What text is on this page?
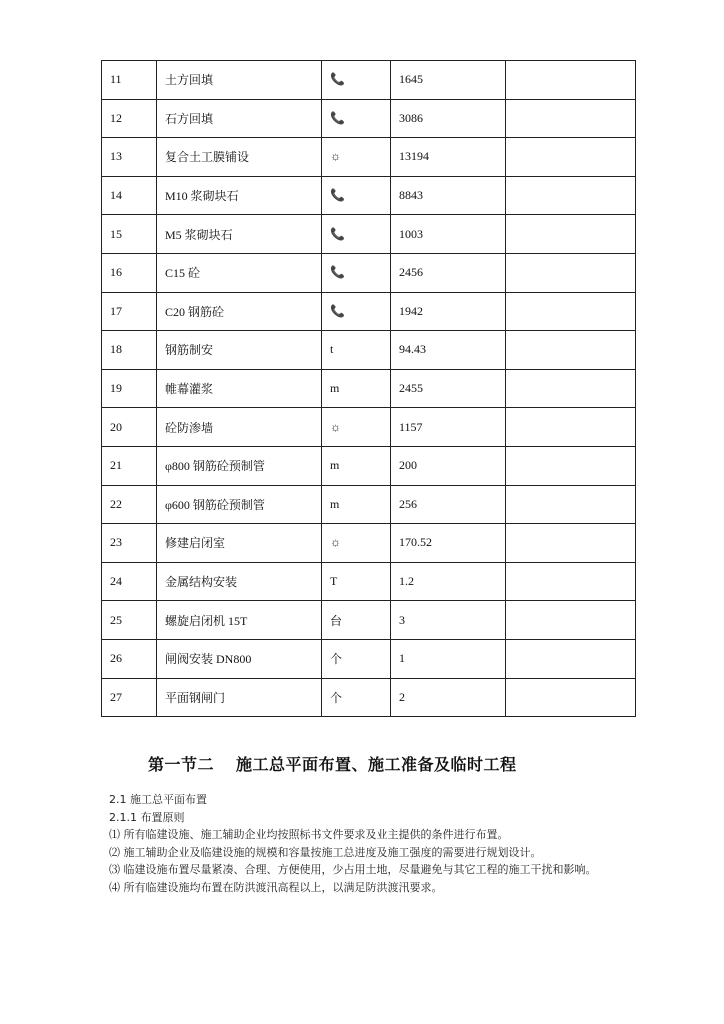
11	土方回填	📞	1645	
12	石方回填	📞	3086	
13	复合土工膜铺设	☼	13194	
14	M10 浆砌块石	📞	8843	
15	M5 浆砌块石	📞	1003	
16	C15 砼	📞	2456	
17	C20 钢筋砼	📞	1942	
18	钢筋制安	t	94.43	
19	帷幕灌浆	m	2455	
20	砼防渗墙	☼	1157	
21	φ800 钢筋砼预制管	m	200	
22	φ600 钢筋砼预制管	m	256	
23	修建启闭室	☼	170.52	
24	金属结构安装	T	1.2	
25	螺旋启闭机 15T	台	3	
26	闸阀安装 DN800	个	1	
27	平面钢闸门	个	2	
第一节二 施工总平面布置、施工准备及临时工程

2.1 施工总平面布置

2.1.1 布置原则

⑴ 所有临建设施、施工辅助企业均按照标书文件要求及业主提供的条件进行布置。

⑵ 施工辅助企业及临建设施的规模和容量按施工总进度及施工强度的需要进行规划设计。

⑶ 临建设施布置尽量紧凑、合理、方便使用，少占用土地，尽量避免与其它工程的施工干扰和影响。

⑷ 所有临建设施均布置在防洪渡汛高程以上，以满足防洪渡汛要求。
